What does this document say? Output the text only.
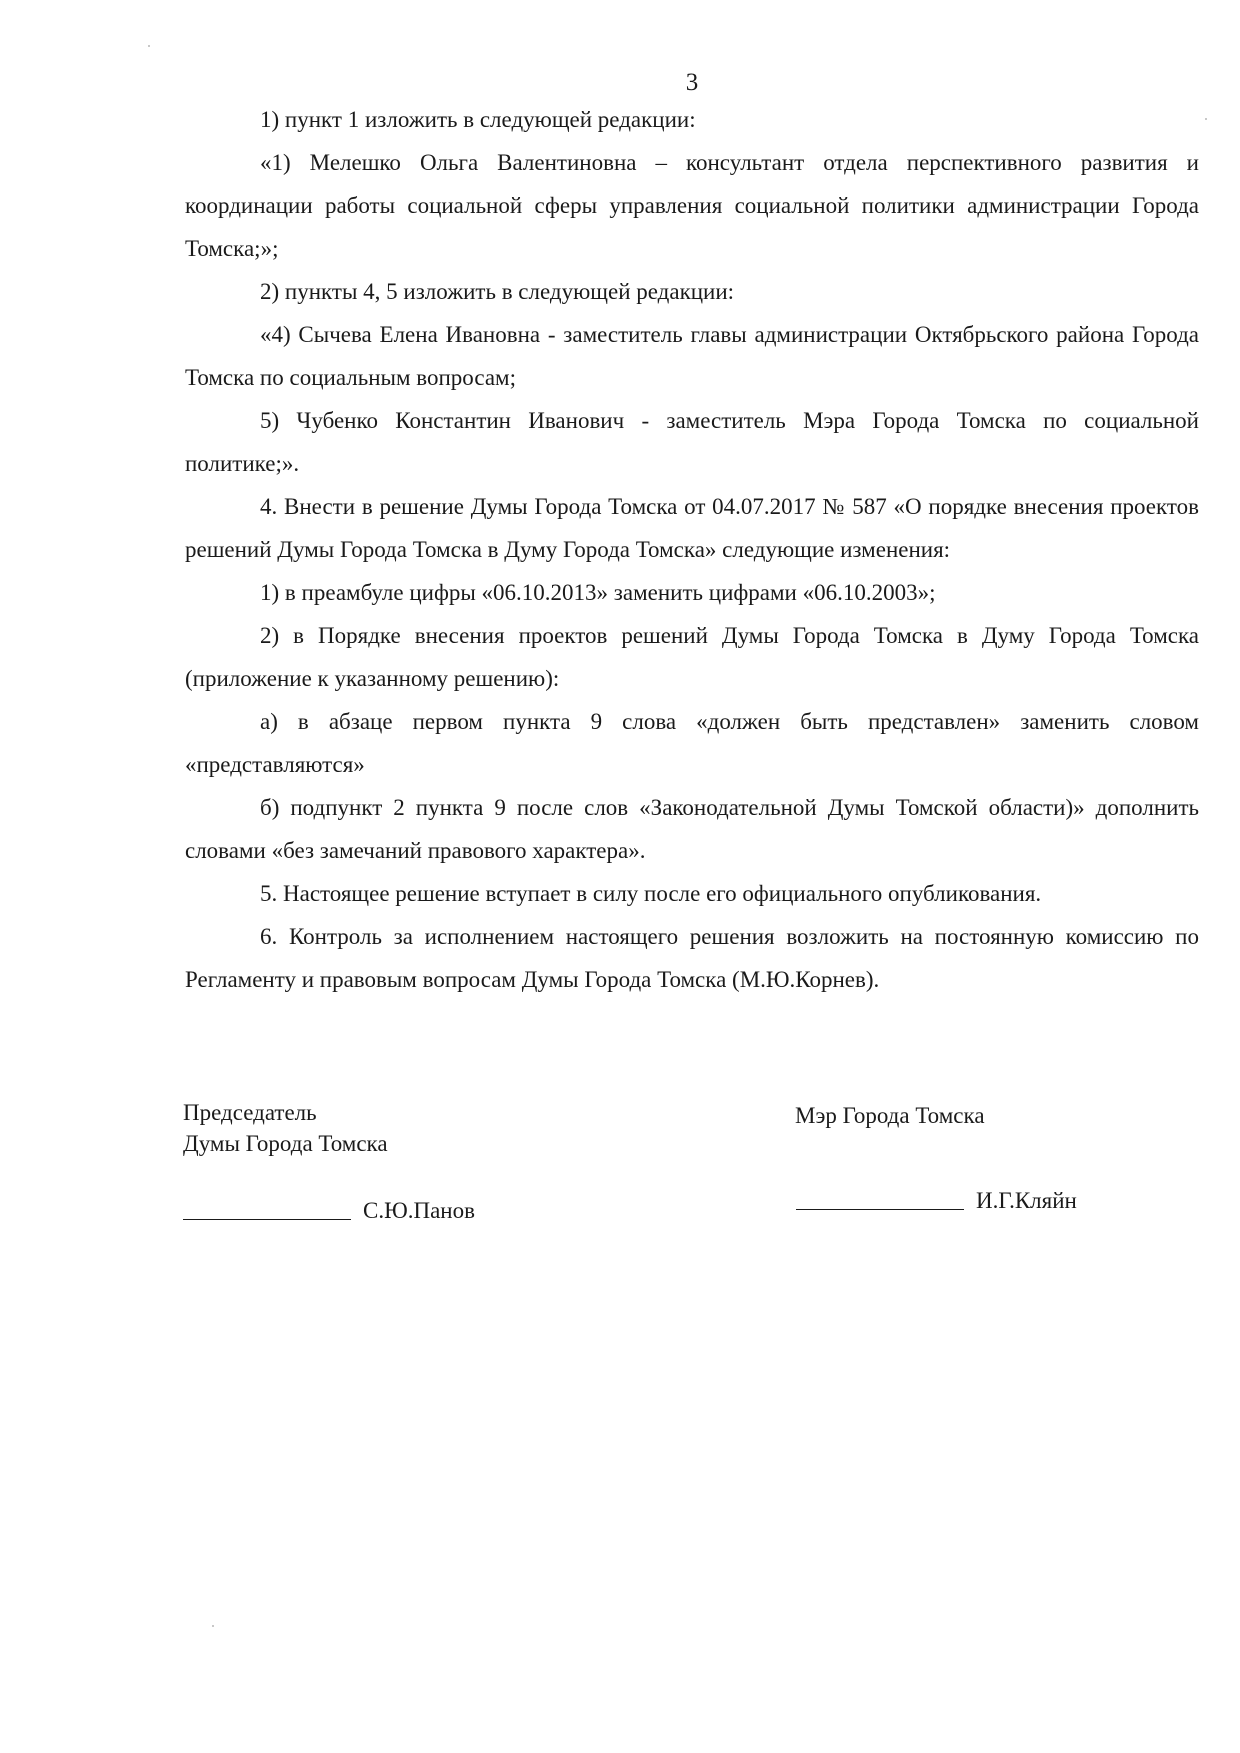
3

1) пункт 1 изложить в следующей редакции:

«1) Мелешко Ольга Валентиновна – консультант отдела перспективного развития и координации работы социальной сферы управления социальной политики администрации Города Томска;»;

2) пункты 4, 5 изложить в следующей редакции:

«4) Сычева Елена Ивановна - заместитель главы администрации Октябрьского района Города Томска по социальным вопросам;

5) Чубенко Константин Иванович - заместитель Мэра Города Томска по социальной политике;».

4. Внести в решение Думы Города Томска от 04.07.2017 № 587 «О порядке внесения проектов решений Думы Города Томска в Думу Города Томска» следующие изменения:

1) в преамбуле цифры «06.10.2013» заменить цифрами «06.10.2003»;

2) в Порядке внесения проектов решений Думы Города Томска в Думу Города Томска (приложение к указанному решению):

а) в абзаце первом пункта 9 слова «должен быть представлен» заменить словом «представляются»

б) подпункт 2 пункта 9 после слов «Законодательной Думы Томской области)» дополнить словами «без замечаний правового характера».

5. Настоящее решение вступает в силу после его официального опубликования.

6. Контроль за исполнением настоящего решения возложить на постоянную комиссию по Регламенту и правовым вопросам Думы Города Томска (М.Ю.Корнев).

Председатель
Думы Города Томска
Мэр Города Томска
С.Ю.Панов	И.Г.Кляйн
